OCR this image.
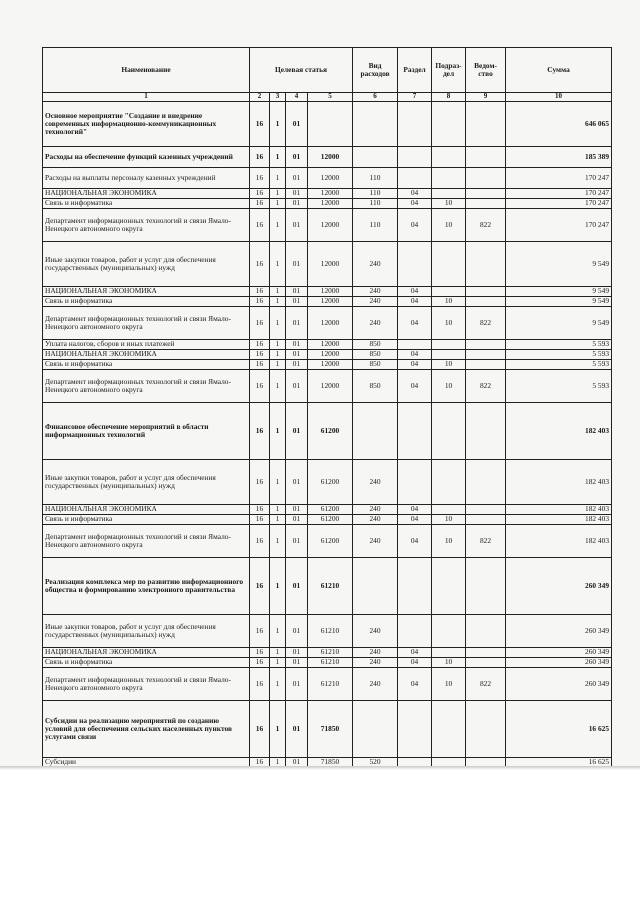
Наименование	Целевая статья				Вид расходов	Раздел	Подраз-дел	Ведом-ство	Сумма
1	2	3	4	5	6	7	8	9	10
Основное мероприятие "Создание и внедрение современных информационно-коммуникационных технологий"	16	1	01						646 065
Расходы на обеспечение функций казенных учреждений	16	1	01	12000					185 389
Расходы на выплаты персоналу казенных учреждений	16	1	01	12000	110				170 247
НАЦИОНАЛЬНАЯ ЭКОНОМИКА	16	1	01	12000	110	04			170 247
Связь и информатика	16	1	01	12000	110	04	10		170 247
Департамент информационных технологий и связи Ямало-Ненецкого автономного округа	16	1	01	12000	110	04	10	822	170 247
Иные закупки товаров, работ и услуг для обеспечения государственных (муниципальных) нужд	16	1	01	12000	240				9 549
НАЦИОНАЛЬНАЯ ЭКОНОМИКА	16	1	01	12000	240	04			9 549
Связь и информатика	16	1	01	12000	240	04	10		9 549
Департамент информационных технологий и связи Ямало-Ненецкого автономного округа	16	1	01	12000	240	04	10	822	9 549
Уплата налогов, сборов и иных платежей	16	1	01	12000	850				5 593
НАЦИОНАЛЬНАЯ ЭКОНОМИКА	16	1	01	12000	850	04			5 593
Связь и информатика	16	1	01	12000	850	04	10		5 593
Департамент информационных технологий и связи Ямало-Ненецкого автономного округа	16	1	01	12000	850	04	10	822	5 593
Финансовое обеспечение мероприятий в области информационных технологий	16	1	01	61200					182 403
Иные закупки товаров, работ и услуг для обеспечения государственных (муниципальных) нужд	16	1	01	61200	240				182 403
НАЦИОНАЛЬНАЯ ЭКОНОМИКА	16	1	01	61200	240	04			182 403
Связь и информатика	16	1	01	61200	240	04	10		182 403
Департамент информационных технологий и связи Ямало-Ненецкого автономного округа	16	1	01	61200	240	04	10	822	182 403
Реализация комплекса мер по развитию информационного общества и формированию электронного правительства	16	1	01	61210					260 349
Иные закупки товаров, работ и услуг для обеспечения государственных (муниципальных) нужд	16	1	01	61210	240				260 349
НАЦИОНАЛЬНАЯ ЭКОНОМИКА	16	1	01	61210	240	04			260 349
Связь и информатика	16	1	01	61210	240	04	10		260 349
Департамент информационных технологий и связи Ямало-Ненецкого автономного округа	16	1	01	61210	240	04	10	822	260 349
Субсидии на реализацию мероприятий по созданию условий для обеспечения сельских населенных пунктов услугами связи	16	1	01	71850					16 625
Субсидии	16	1	01	71850	520				16 625
